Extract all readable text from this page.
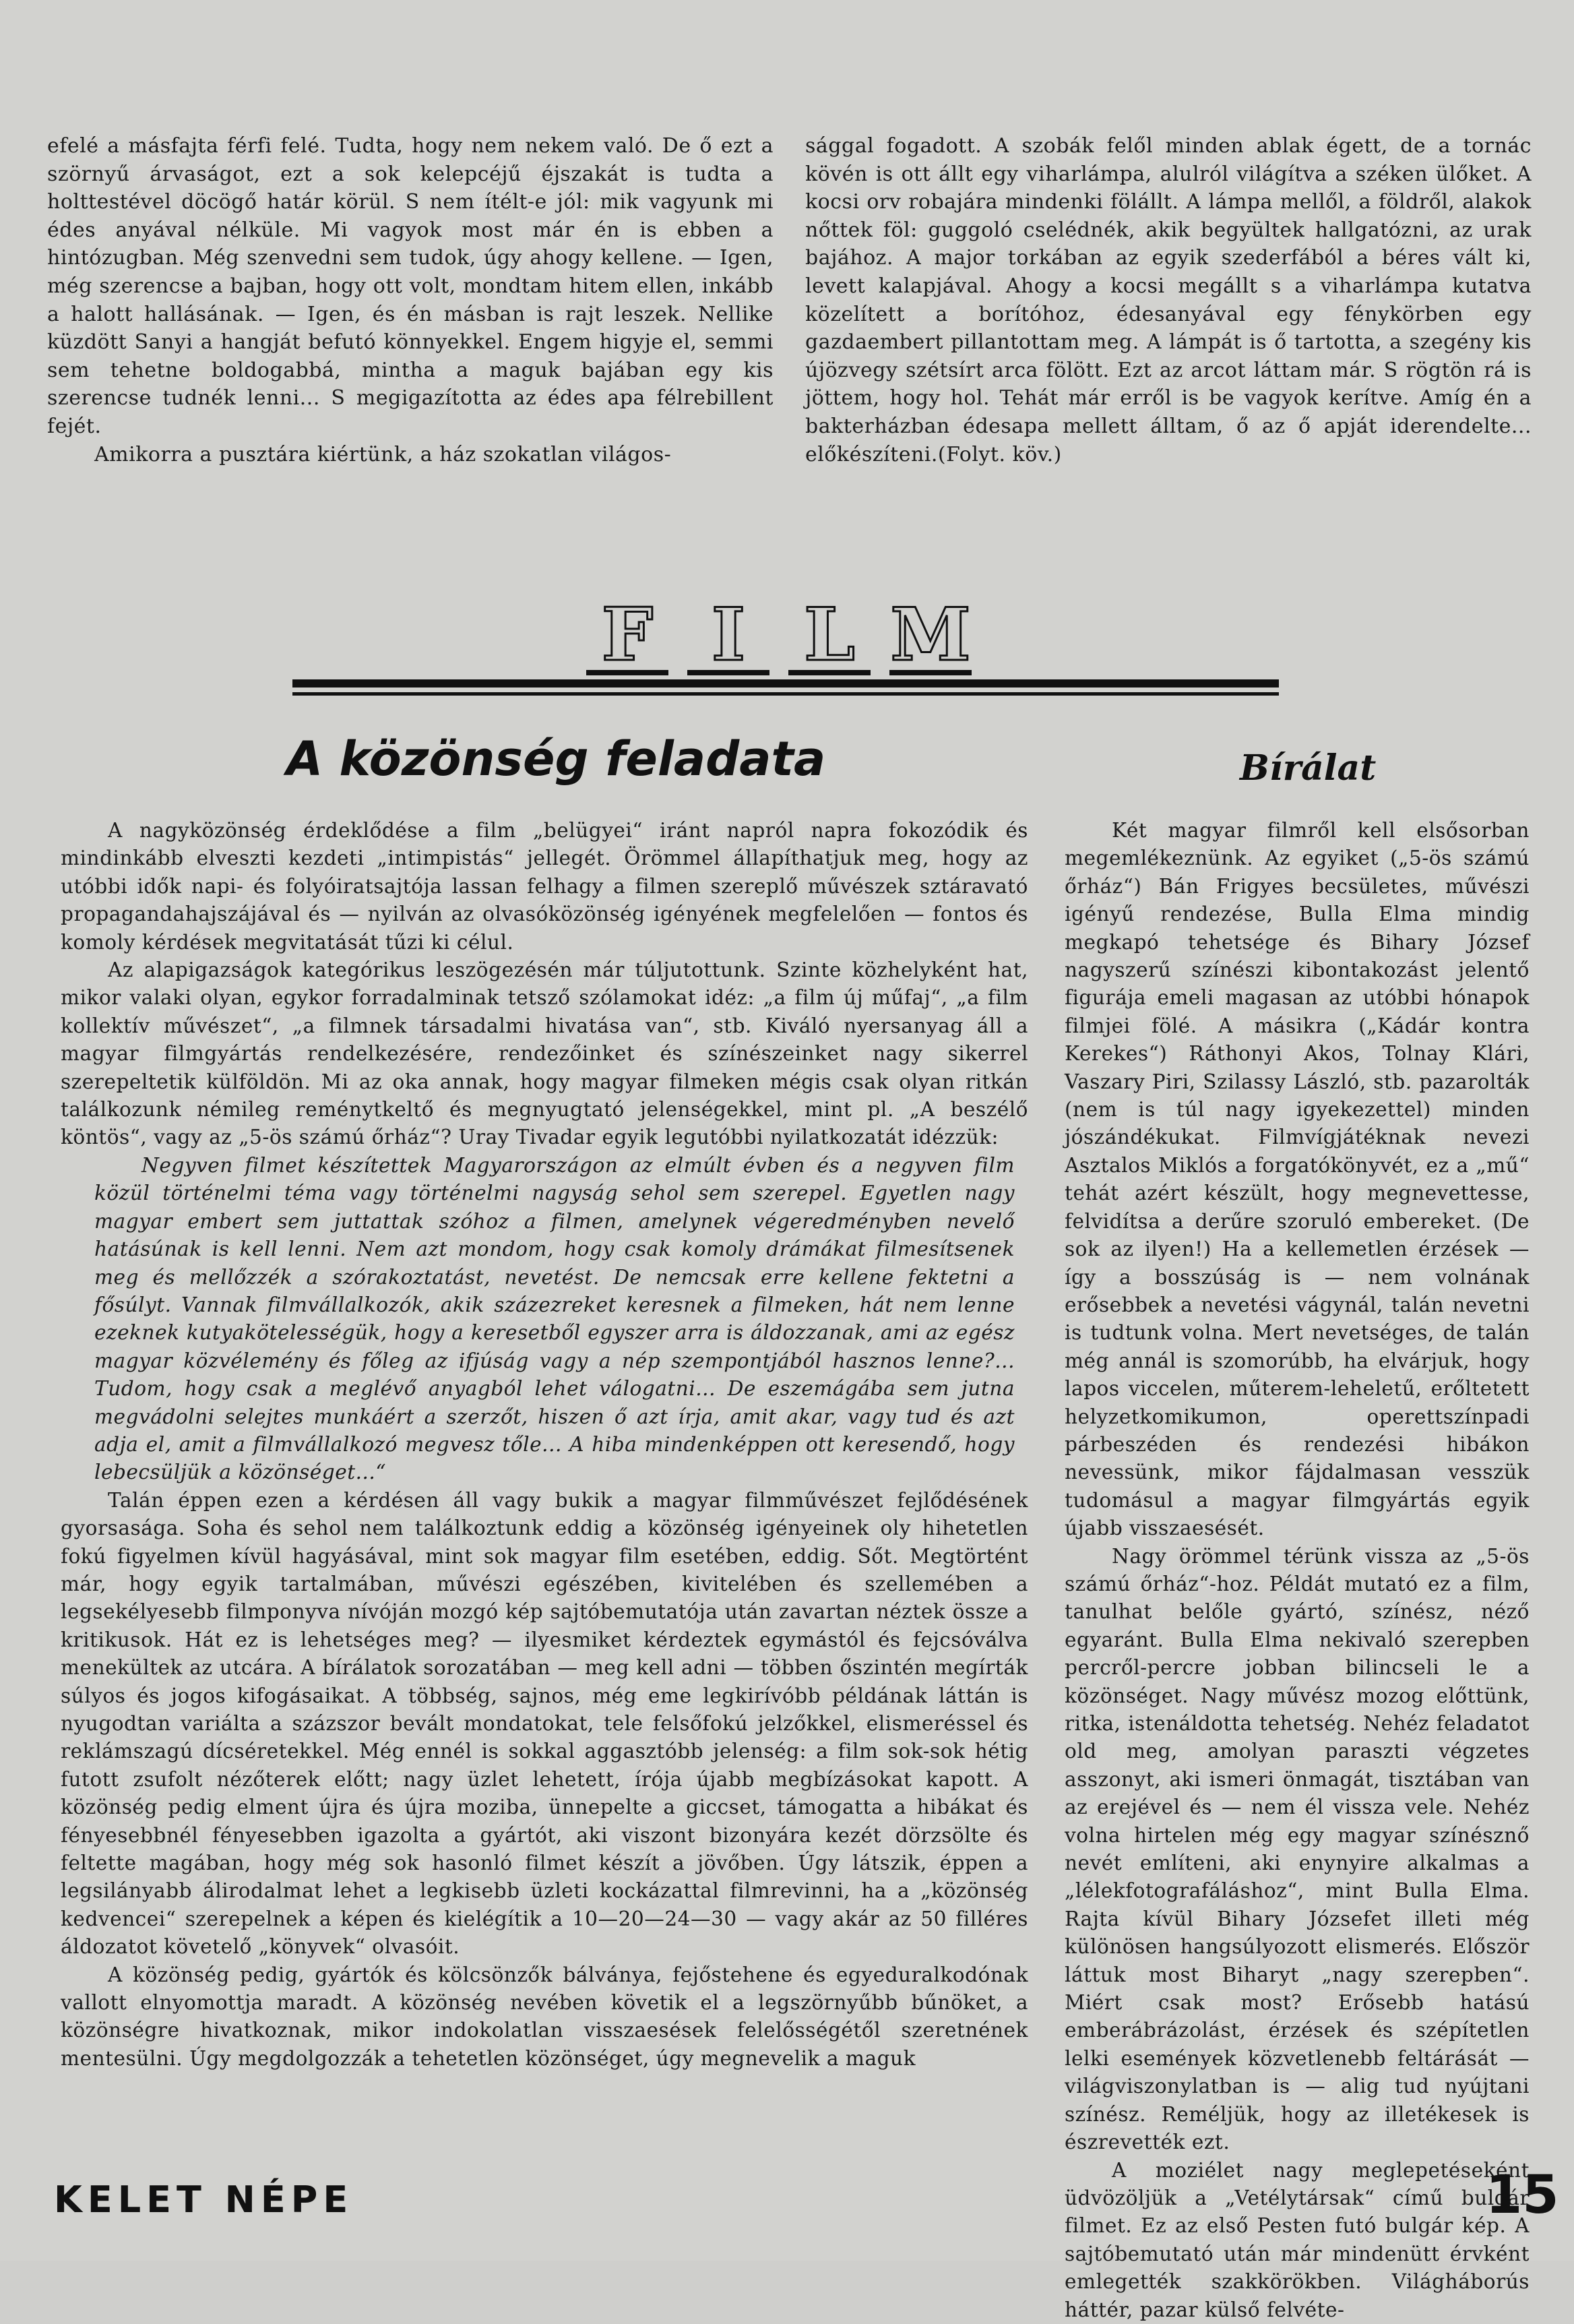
efelé a másfajta férfi felé. Tudta, hogy nem nekem való. De ő ezt a szörnyű árvaságot, ezt a sok kelepcéjű éjszakát is tudta a holttestével döcögő határ körül. S nem ítélt-e jól: mik vagyunk mi édes anyával nélküle. Mi vagyok most már én is ebben a hintózugban. Még szenvedni sem tudok, úgy ahogy kellene. — Igen, még szerencse a bajban, hogy ott volt, mondtam hitem ellen, inkább a halott hallásának. — Igen, és én másban is rajt leszek. Nellike küzdött Sanyi a hangját befutó könnyekkel. Engem higyje el, semmi sem tehetne boldogabbá, mintha a maguk bajában egy kis szerencse tudnék lenni... S megigazította az édes apa félrebillent fejét.

Amikorra a pusztára kiértünk, a ház szokatlan világos-

sággal fogadott. A szobák felől minden ablak égett, de a tornác kövén is ott állt egy viharlámpa, alulról világítva a széken ülőket. A kocsi orv robajára mindenki fölállt. A lámpa mellől, a földről, alakok nőttek föl: guggoló cselédnék, akik begyültek hallgatózni, az urak bajához. A major torkában az egyik szederfából a béres vált ki, levett kalapjával. Ahogy a kocsi megállt s a viharlámpa kutatva közelített a borítóhoz, édesanyával egy fénykörben egy gazdaembert pillantottam meg. A lámpát is ő tartotta, a szegény kis újözvegy szétsírt arca fölött. Ezt az arcot láttam már. S rögtön rá is jöttem, hogy hol. Tehát már erről is be vagyok kerítve. Amíg én a bakterházban édesapa mellett álltam, ő az ő apját iderendelte... előkészíteni.(Folyt. köv.)

F I L M
A közönség feladata	Bírálat

A nagyközönség érdeklődése a film „belügyei“ iránt napról napra fokozódik és mindinkább elveszti kezdeti „intimpistás“ jellegét. Örömmel állapíthatjuk meg, hogy az utóbbi idők napi- és folyóiratsajtója lassan felhagy a filmen szereplő művészek sztáravató propagandahajszájával és — nyilván az olvasóközönség igényének megfelelően — fontos és komoly kérdések megvitatását tűzi ki célul.

Az alapigazságok kategórikus leszögezésén már túljutottunk. Szinte közhelyként hat, mikor valaki olyan, egykor forradalminak tetsző szólamokat idéz: „a film új műfaj“, „a film kollektív művészet“, „a filmnek társadalmi hivatása van“, stb. Kiváló nyersanyag áll a magyar filmgyártás rendelkezésére, rendezőinket és színészeinket nagy sikerrel szerepeltetik külföldön. Mi az oka annak, hogy magyar filmeken mégis csak olyan ritkán találkozunk némileg reménytkeltő és megnyugtató jelenségekkel, mint pl. „A beszélő köntös“, vagy az „5-ös számú őrház“? Uray Tivadar egyik legutóbbi nyilatkozatát idézzük:

Negyven filmet készítettek Magyarországon az elmúlt évben és a negyven film közül történelmi téma vagy történelmi nagyság sehol sem szerepel. Egyetlen nagy magyar embert sem juttattak szóhoz a filmen, amelynek végeredményben nevelő hatásúnak is kell lenni. Nem azt mondom, hogy csak komoly drámákat filmesítsenek meg és mellőzzék a szórakoztatást, nevetést. De nemcsak erre kellene fektetni a fősúlyt. Vannak filmvállalkozók, akik százezreket keresnek a filmeken, hát nem lenne ezeknek kutyakötelességük, hogy a keresetből egyszer arra is áldozzanak, ami az egész magyar közvélemény és főleg az ifjúság vagy a nép szempontjából hasznos lenne?... Tudom, hogy csak a meglévő anyagból lehet válogatni... De eszemágába sem jutna megvádolni selejtes munkáért a szerzőt, hiszen ő azt írja, amit akar, vagy tud és azt adja el, amit a filmvállalkozó megvesz tőle... A hiba mindenképpen ott keresendő, hogy lebecsüljük a közönséget...“

Talán éppen ezen a kérdésen áll vagy bukik a magyar filmművészet fejlődésének gyorsasága. Soha és sehol nem találkoztunk eddig a közönség igényeinek oly hihetetlen fokú figyelmen kívül hagyásával, mint sok magyar film esetében, eddig. Sőt. Megtörtént már, hogy egyik tartalmában, művészi egészében, kivitelében és szellemében a legsekélyesebb filmponyva nívóján mozgó kép sajtóbemutatója után zavartan néztek össze a kritikusok. Hát ez is lehetséges meg? — ilyesmiket kérdeztek egymástól és fejcsóválva menekültek az utcára. A bírálatok sorozatában — meg kell adni — többen őszintén megírták súlyos és jogos kifogásaikat. A többség, sajnos, még eme legkirívóbb példának láttán is nyugodtan variálta a százszor bevált mondatokat, tele felsőfokú jelzőkkel, elismeréssel és reklámszagú dícséretekkel. Még ennél is sokkal aggasztóbb jelenség: a film sok-sok hétig futott zsufolt nézőterek előtt; nagy üzlet lehetett, írója újabb megbízásokat kapott. A közönség pedig elment újra és újra moziba, ünnepelte a giccset, támogatta a hibákat és fényesebbnél fényesebben igazolta a gyártót, aki viszont bizonyára kezét dörzsölte és feltette magában, hogy még sok hasonló filmet készít a jövőben. Úgy látszik, éppen a legsilányabb álirodalmat lehet a legkisebb üzleti kockázattal filmrevinni, ha a „közönség kedvencei“ szerepelnek a képen és kielégítik a 10—20—24—30 — vagy akár az 50 filléres áldozatot követelő „könyvek“ olvasóit.

A közönség pedig, gyártók és kölcsönzők bálványa, fejőstehene és egyeduralkodónak vallott elnyomottja maradt. A közönség nevében követik el a legszörnyűbb bűnöket, a közönségre hivatkoznak, mikor indokolatlan visszaesések felelősségétől szeretnének mentesülni. Úgy megdolgozzák a tehetetlen közönséget, úgy megnevelik a maguk

Két magyar filmről kell elsősorban megemlékeznünk. Az egyiket („5-ös számú őrház“) Bán Frigyes becsületes, művészi igényű rendezése, Bulla Elma mindig megkapó tehetsége és Bihary József nagyszerű színészi kibontakozást jelentő figurája emeli magasan az utóbbi hónapok filmjei fölé. A másikra („Kádár kontra Kerekes“) Ráthonyi Akos, Tolnay Klári, Vaszary Piri, Szilassy László, stb. pazarolták (nem is túl nagy igyekezettel) minden jószándékukat. Filmvígjátéknak nevezi Asztalos Miklós a forgatókönyvét, ez a „mű“ tehát azért készült, hogy megnevettesse, felvidítsa a derűre szoruló embereket. (De sok az ilyen!) Ha a kellemetlen érzések — így a bosszúság is — nem volnának erősebbek a nevetési vágynál, talán nevetni is tudtunk volna. Mert nevetséges, de talán még annál is szomorúbb, ha elvárjuk, hogy lapos viccelen, műterem-leheletű, erőltetett helyzetkomikumon, operettszínpadi párbeszéden és rendezési hibákon nevessünk, mikor fájdalmasan vesszük tudomásul a magyar filmgyártás egyik újabb visszaesését.

Nagy örömmel térünk vissza az „5-ös számú őrház“-hoz. Példát mutató ez a film, tanulhat belőle gyártó, színész, néző egyaránt. Bulla Elma nekivaló szerepben percről-percre jobban bilincseli le a közönséget. Nagy művész mozog előttünk, ritka, istenáldotta tehetség. Nehéz feladatot old meg, amolyan paraszti végzetes asszonyt, aki ismeri önmagát, tisztában van az erejével és — nem él vissza vele. Nehéz volna hirtelen még egy magyar színésznő nevét említeni, aki enynyire alkalmas a „lélekfotografáláshoz“, mint Bulla Elma. Rajta kívül Bihary Józsefet illeti még különösen hangsúlyozott elismerés. Először láttuk most Biharyt „nagy szerepben“. Miért csak most? Erősebb hatású emberábrázolást, érzések és szépítetlen lelki események közvetlenebb feltárását — világviszonylatban is — alig tud nyújtani színész. Reméljük, hogy az illetékesek is észrevették ezt.

A moziélet nagy meglepetéseként üdvözöljük a „Vetélytársak“ című bulgár filmet. Ez az első Pesten futó bulgár kép. A sajtóbemutató után már mindenütt érvként emlegették szakkörökben. Világháborús háttér, pazar külső felvéte-

KELET NÉPE	15
